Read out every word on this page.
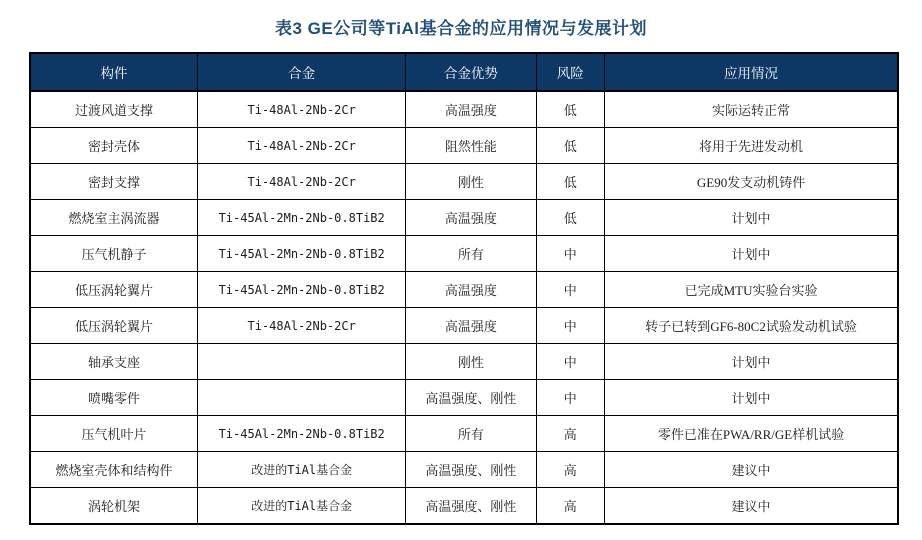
表3 GE公司等TiAl基合金的应用情况与发展计划
构件	合金	合金优势	风险	应用情况
过渡风道支撑	Ti-48Al-2Nb-2Cr	高温强度	低	实际运转正常
密封壳体	Ti-48Al-2Nb-2Cr	阻然性能	低	将用于先进发动机
密封支撑	Ti-48Al-2Nb-2Cr	刚性	低	GE90发支动机铸件
燃烧室主涡流器	Ti-45Al-2Mn-2Nb-0.8TiB2	高温强度	低	计划中
压气机静子	Ti-45Al-2Mn-2Nb-0.8TiB2	所有	中	计划中
低压涡轮翼片	Ti-45Al-2Mn-2Nb-0.8TiB2	高温强度	中	已完成MTU实验台实验
低压涡轮翼片	Ti-48Al-2Nb-2Cr	高温强度	中	转子已转到GF6-80C2试验发动机试验
轴承支座		刚性	中	计划中
喷嘴零件		高温强度、刚性	中	计划中
压气机叶片	Ti-45Al-2Mn-2Nb-0.8TiB2	所有	高	零件已准在PWA/RR/GE样机试验
燃烧室壳体和结构件	改进的TiAl基合金	高温强度、刚性	高	建议中
涡轮机架	改进的TiAl基合金	高温强度、刚性	高	建议中
